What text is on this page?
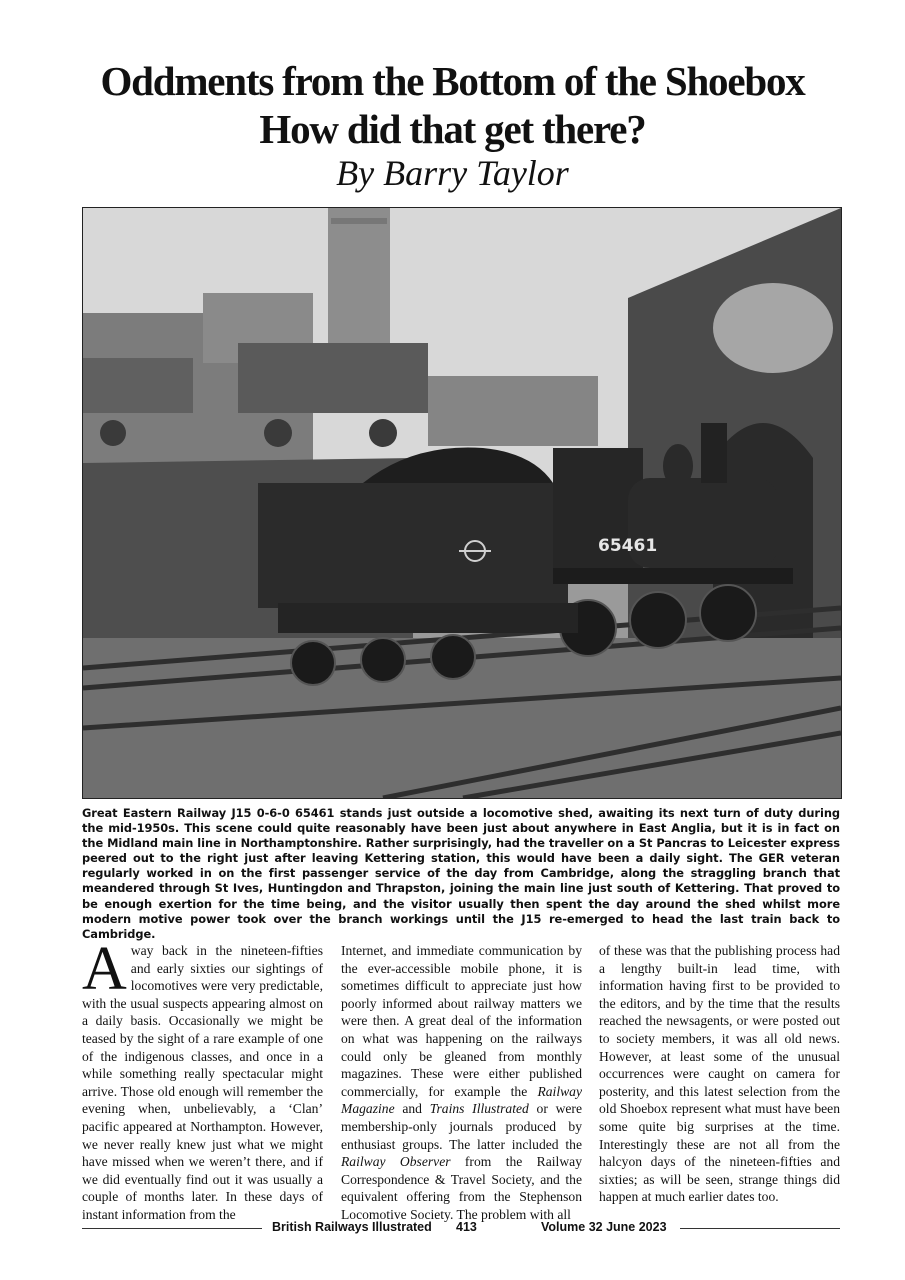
Oddments from the Bottom of the Shoebox
How did that get there?
By Barry Taylor
65461
Great Eastern Railway J15 0-6-0 65461 stands just outside a locomotive shed, awaiting its next turn of duty during the mid-1950s. This scene could quite reasonably have been just about anywhere in East Anglia, but it is in fact on the Midland main line in Northamptonshire. Rather surprisingly, had the traveller on a St Pancras to Leicester express peered out to the right just after leaving Kettering station, this would have been a daily sight. The GER veteran regularly worked in on the first passenger service of the day from Cambridge, along the straggling branch that meandered through St Ives, Huntingdon and Thrapston, joining the main line just south of Kettering. That proved to be enough exertion for the time being, and the visitor usually then spent the day around the shed whilst more modern motive power took over the branch workings until the J15 re-emerged to head the last train back to Cambridge.
Away back in the nineteen-fifties and early sixties our sightings of locomotives were very predictable, with the usual suspects appearing almost on a daily basis. Occasionally we might be teased by the sight of a rare example of one of the indigenous classes, and once in a while something really spectacular might arrive. Those old enough will remember the evening when, unbelievably, a ‘Clan’ pacific appeared at Northampton. However, we never really knew just what we might have missed when we weren’t there, and if we did eventually find out it was usually a couple of months later. In these days of instant information from the
Internet, and immediate communication by the ever-accessible mobile phone, it is sometimes difficult to appreciate just how poorly informed about railway matters we were then. A great deal of the information on what was happening on the railways could only be gleaned from monthly magazines. These were either published commercially, for example the Railway Magazine and Trains Illustrated or were membership-only journals produced by enthusiast groups. The latter included the Railway Observer from the Railway Correspondence & Travel Society, and the equivalent offering from the Stephenson Locomotive Society. The problem with all
of these was that the publishing process had a lengthy built-in lead time, with information having first to be provided to the editors, and by the time that the results reached the newsagents, or were posted out to society members, it was all old news. However, at least some of the unusual occurrences were caught on camera for posterity, and this latest selection from the old Shoebox represent what must have been some quite big surprises at the time. Interestingly these are not all from the halcyon days of the nineteen-fifties and sixties; as will be seen, strange things did happen at much earlier dates too.
British Railways Illustrated 413	Volume 32 June 2023
